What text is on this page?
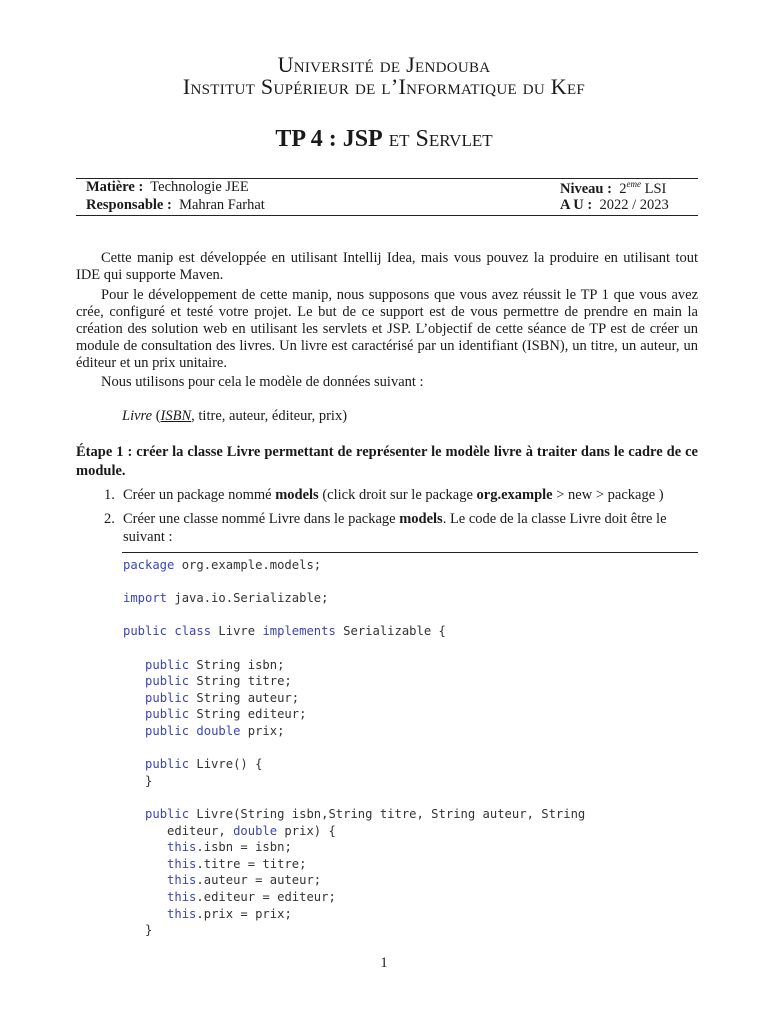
Université de Jendouba
Institut Supérieur de l’Informatique du Kef
TP 4 : JSP et Servlet
Matière : Technologie JEE	Niveau : 2eme LSI
Responsable : Mahran Farhat	A U : 2022 / 2023
Cette manip est développée en utilisant Intellij Idea, mais vous pouvez la produire en utilisant tout IDE qui supporte Maven.
Pour le développement de cette manip, nous supposons que vous avez réussit le TP 1 que vous avez crée, configuré et testé votre projet. Le but de ce support est de vous permettre de prendre en main la création des solution web en utilisant les servlets et JSP. L’objectif de cette séance de TP est de créer un module de consultation des livres. Un livre est caractérisé par un identifiant (ISBN), un titre, un auteur, un éditeur et un prix unitaire.
Nous utilisons pour cela le modèle de données suivant :
Livre (ISBN, titre, auteur, éditeur, prix)
Étape 1 : créer la classe Livre permettant de représenter le modèle livre à traiter dans le cadre de ce module.
1. Créer un package nommé models (click droit sur le package org.example > new > package )
2. Créer une classe nommé Livre dans le package models. Le code de la classe Livre doit être le suivant :
package org.example.models;
import java.io.Serializable;
public class Livre implements Serializable {
public String isbn;
public String titre;
public String auteur;
public String editeur;
public double prix;
public Livre() {
}
public Livre(String isbn,String titre, String auteur, String
editeur, double prix) {
this.isbn = isbn;
this.titre = titre;
this.auteur = auteur;
this.editeur = editeur;
this.prix = prix;
}
1
